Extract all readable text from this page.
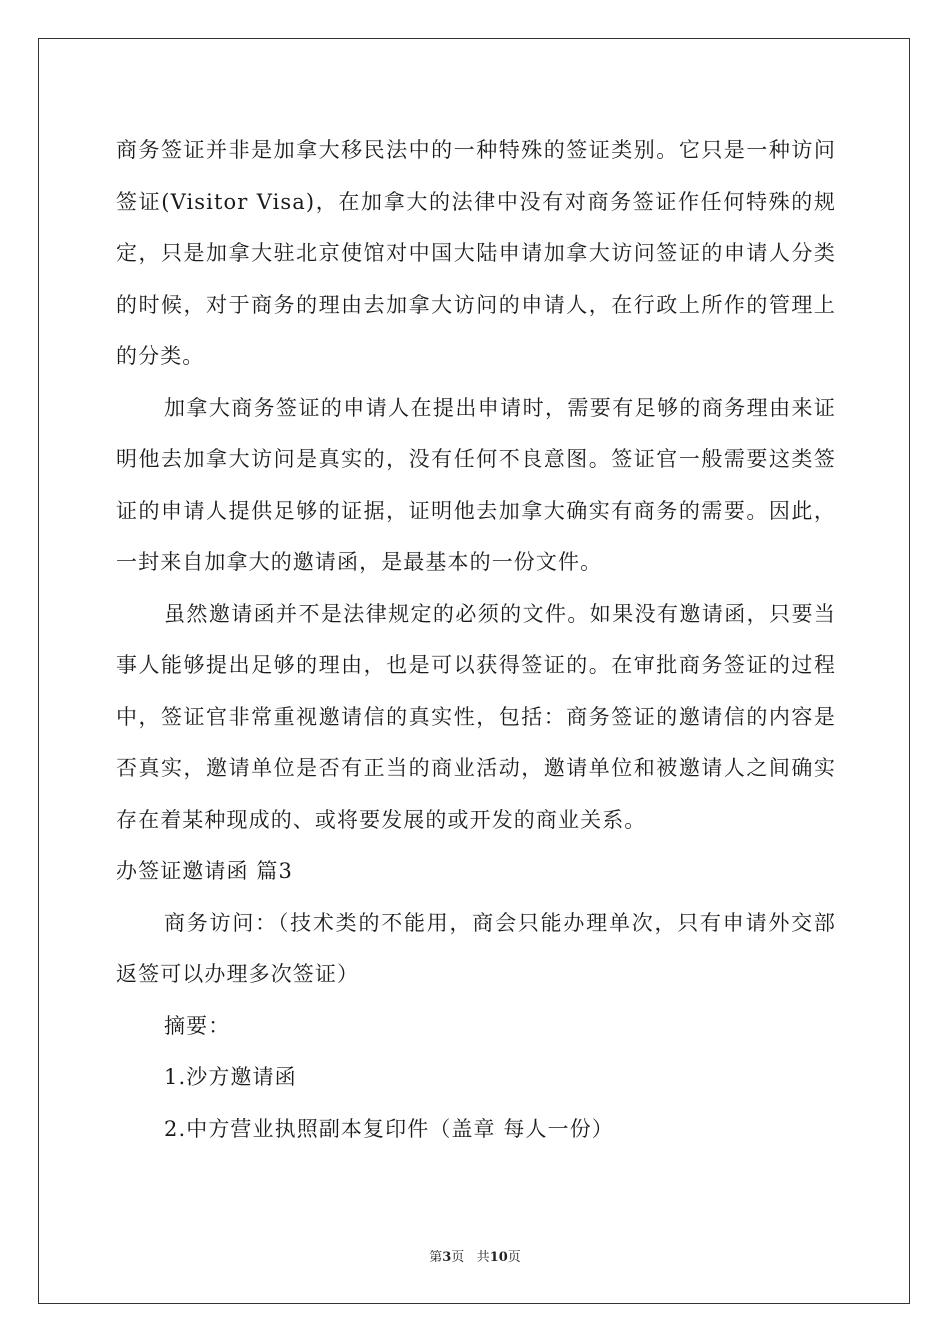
商务签证并非是加拿大移民法中的一种特殊的签证类别。它只是一种访问签证(Visitor Visa)，在加拿大的法律中没有对商务签证作任何特殊的规定，只是加拿大驻北京使馆对中国大陆申请加拿大访问签证的申请人分类的时候，对于商务的理由去加拿大访问的申请人，在行政上所作的管理上的分类。

加拿大商务签证的申请人在提出申请时，需要有足够的商务理由来证明他去加拿大访问是真实的，没有任何不良意图。签证官一般需要这类签证的申请人提供足够的证据，证明他去加拿大确实有商务的需要。因此，一封来自加拿大的邀请函，是最基本的一份文件。

虽然邀请函并不是法律规定的必须的文件。如果没有邀请函，只要当事人能够提出足够的理由，也是可以获得签证的。在审批商务签证的过程中，签证官非常重视邀请信的真实性，包括：商务签证的邀请信的内容是否真实，邀请单位是否有正当的商业活动，邀请单位和被邀请人之间确实存在着某种现成的、或将要发展的或开发的商业关系。

办签证邀请函 篇3

商务访问：（技术类的不能用，商会只能办理单次，只有申请外交部返签可以办理多次签证）

摘要：

1.沙方邀请函

2.中方营业执照副本复印件（盖章 每人一份）

第3页 共10页
